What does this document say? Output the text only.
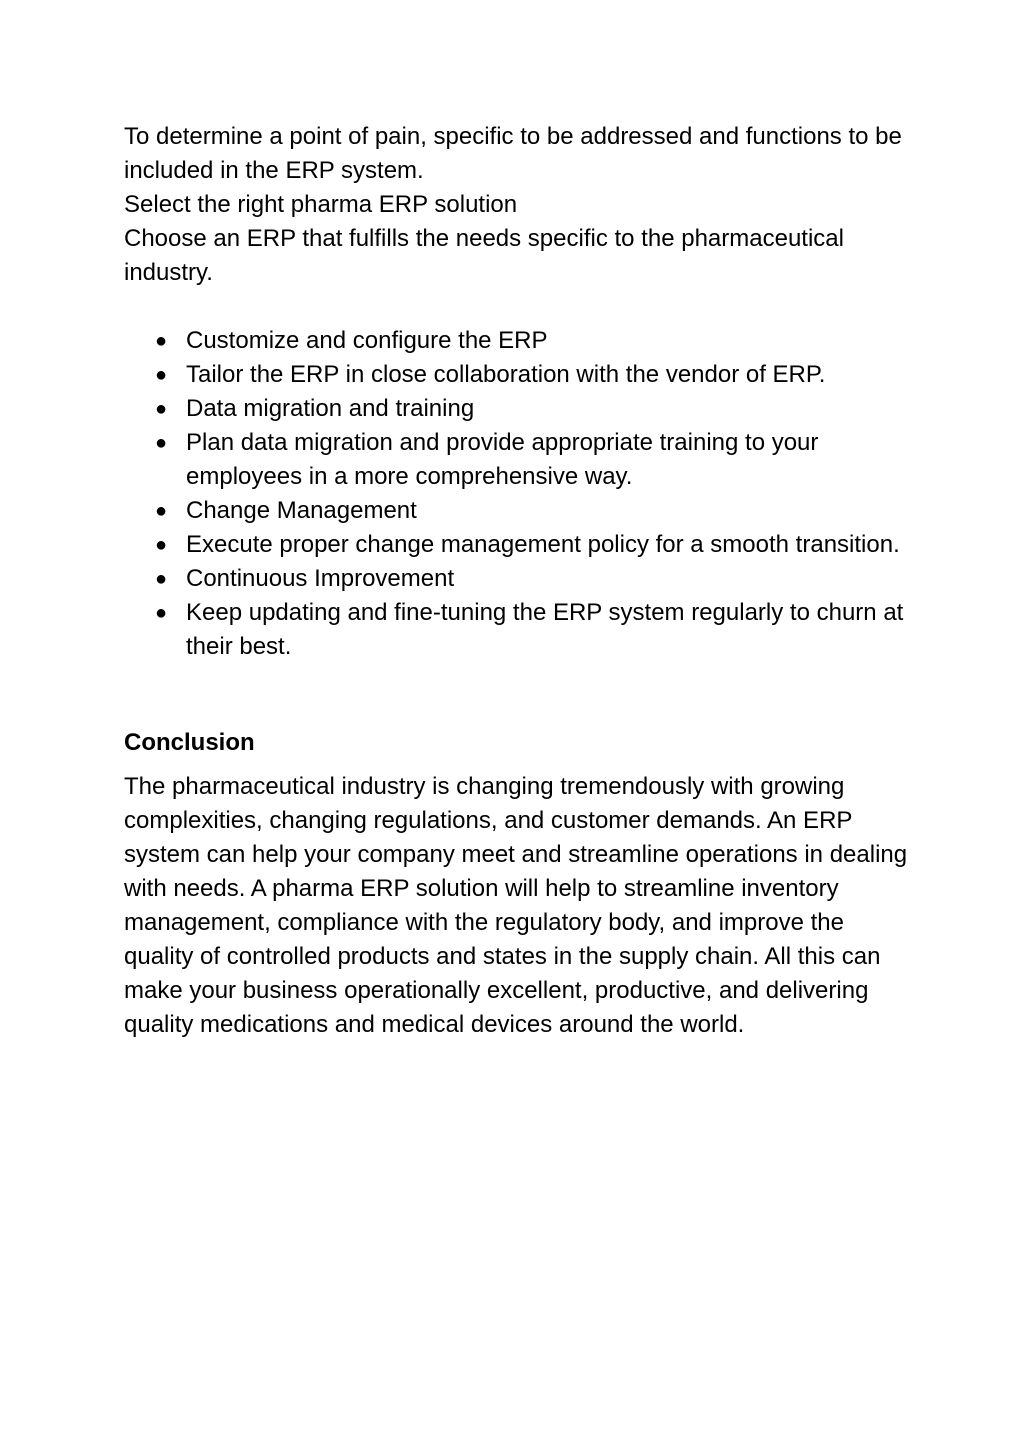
To determine a point of pain, specific to be addressed and functions to be included in the ERP system.

Select the right pharma ERP solution

Choose an ERP that fulfills the needs specific to the pharmaceutical industry.

● Customize and configure the ERP
● Tailor the ERP in close collaboration with the vendor of ERP.
● Data migration and training
● Plan data migration and provide appropriate training to your employees in a more comprehensive way.
● Change Management
● Execute proper change management policy for a smooth transition.
● Continuous Improvement
● Keep updating and fine-tuning the ERP system regularly to churn at their best.

Conclusion

The pharmaceutical industry is changing tremendously with growing complexities, changing regulations, and customer demands. An ERP system can help your company meet and streamline operations in dealing with needs. A pharma ERP solution will help to streamline inventory management, compliance with the regulatory body, and improve the quality of controlled products and states in the supply chain. All this can make your business operationally excellent, productive, and delivering quality medications and medical devices around the world.
